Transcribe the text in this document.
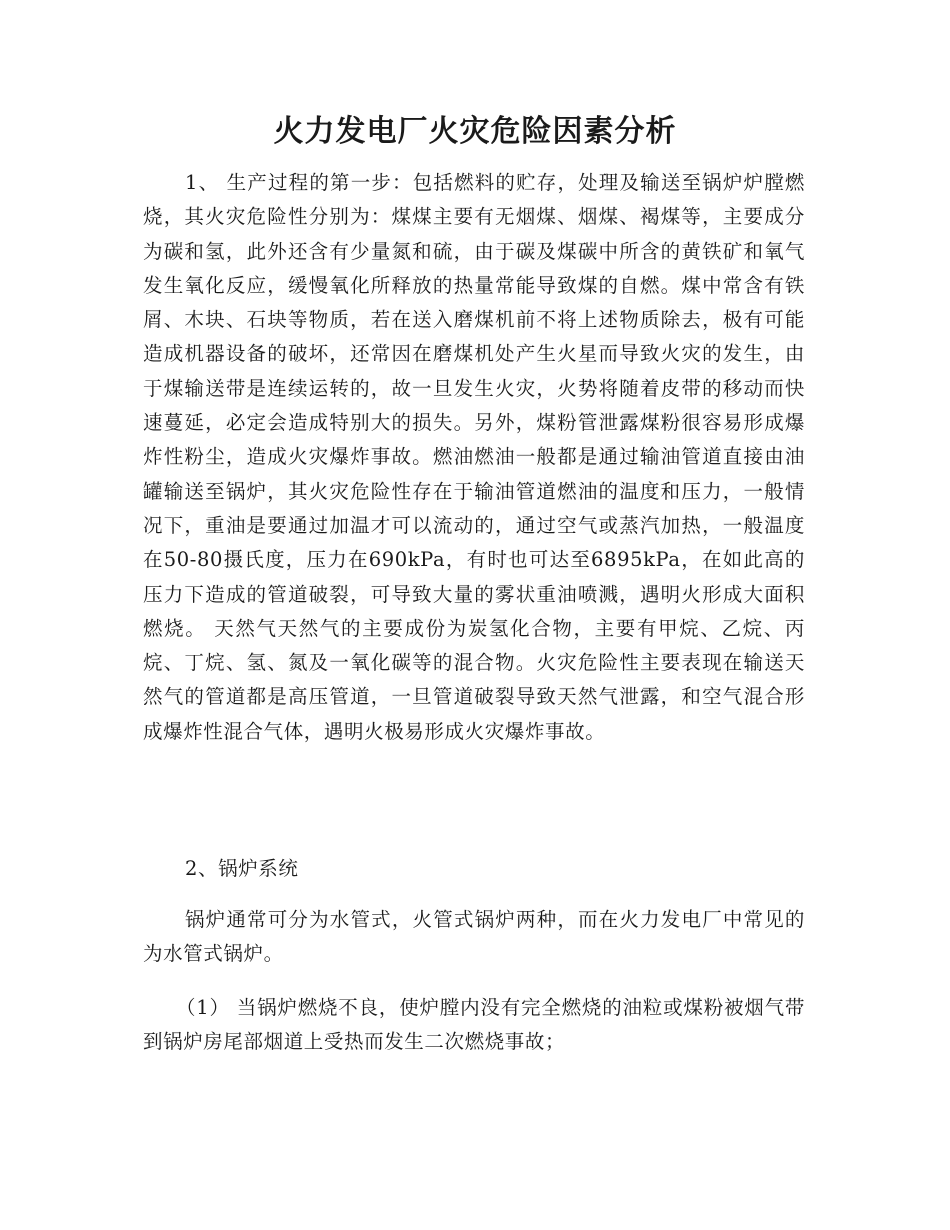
火力发电厂火灾危险因素分析

1、 生产过程的第一步：包括燃料的贮存，处理及输送至锅炉炉膛燃烧，其火灾危险性分别为：煤煤主要有无烟煤、烟煤、褐煤等，主要成分为碳和氢，此外还含有少量氮和硫，由于碳及煤碳中所含的黄铁矿和氧气发生氧化反应，缓慢氧化所释放的热量常能导致煤的自燃。煤中常含有铁屑、木块、石块等物质，若在送入磨煤机前不将上述物质除去，极有可能造成机器设备的破坏，还常因在磨煤机处产生火星而导致火灾的发生，由于煤输送带是连续运转的，故一旦发生火灾，火势将随着皮带的移动而快速蔓延，必定会造成特别大的损失。另外，煤粉管泄露煤粉很容易形成爆炸性粉尘，造成火灾爆炸事故。燃油燃油一般都是通过输油管道直接由油罐输送至锅炉，其火灾危险性存在于输油管道燃油的温度和压力，一般情况下，重油是要通过加温才可以流动的，通过空气或蒸汽加热，一般温度在50-80摄氏度，压力在690kPa，有时也可达至6895kPa，在如此高的压力下造成的管道破裂，可导致大量的雾状重油喷溅，遇明火形成大面积燃烧。 天然气天然气的主要成份为炭氢化合物，主要有甲烷、乙烷、丙烷、丁烷、氢、氮及一氧化碳等的混合物。火灾危险性主要表现在输送天然气的管道都是高压管道，一旦管道破裂导致天然气泄露，和空气混合形成爆炸性混合气体，遇明火极易形成火灾爆炸事故。

2、锅炉系统

锅炉通常可分为水管式，火管式锅炉两种，而在火力发电厂中常见的为水管式锅炉。

（1） 当锅炉燃烧不良，使炉膛内没有完全燃烧的油粒或煤粉被烟气带到锅炉房尾部烟道上受热而发生二次燃烧事故；
